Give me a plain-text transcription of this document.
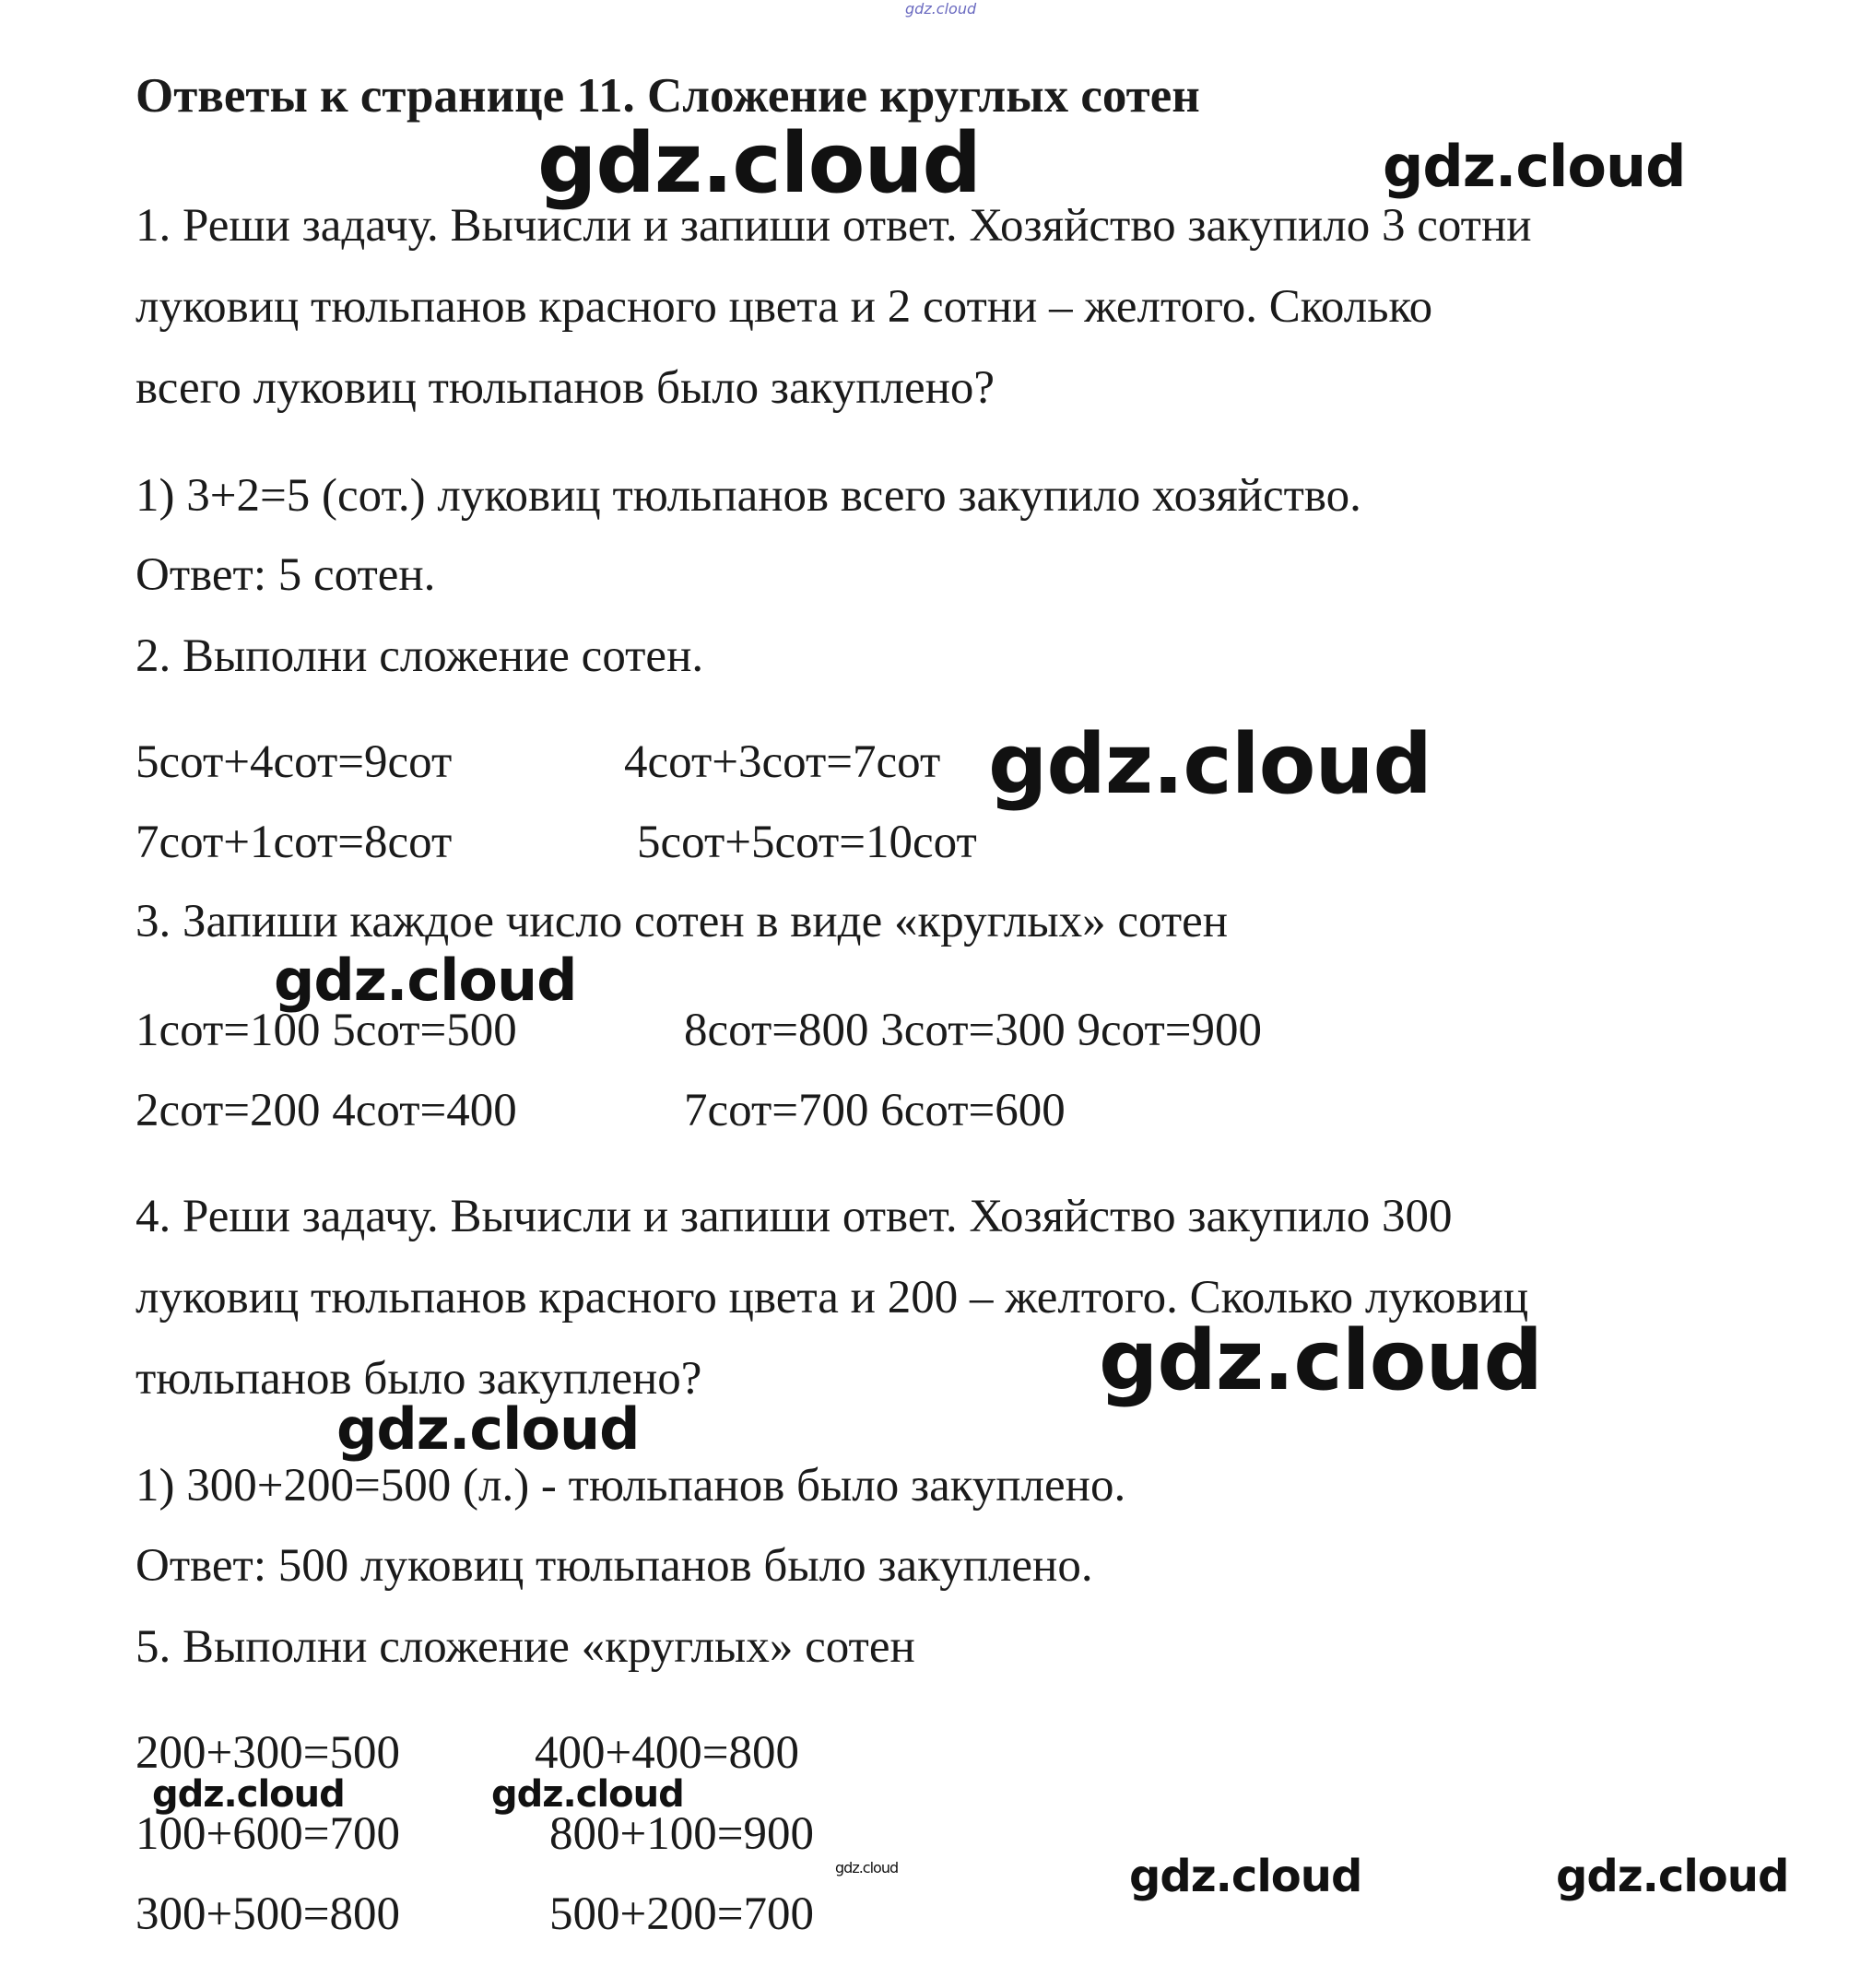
gdz.cloud
Ответы к странице 11. Сложение круглых сотен

1. Реши задачу. Вычисли и запиши ответ. Хозяйство закупило 3 сотни

луковиц тюльпанов красного цвета и 2 сотни – желтого. Сколько

всего луковиц тюльпанов было закуплено?

1) 3+2=5 (сот.) луковиц тюльпанов всего закупило хозяйство.

Ответ: 5 сотен.

2. Выполни сложение сотен.

5сот+4сот=9сот	4сот+3сот=7сот
7сот+1сот=8сот	5сот+5сот=10сот

3. Запиши каждое число сотен в виде «круглых» сотен

1сот=100 5сот=500	8сот=800 3сот=300 9сот=900
2сот=200 4сот=400	7сот=700 6сот=600

4. Реши задачу. Вычисли и запиши ответ. Хозяйство закупило 300

луковиц тюльпанов красного цвета и 200 – желтого. Сколько луковиц

тюльпанов было закуплено?

1) 300+200=500 (л.) - тюльпанов было закуплено.

Ответ: 500 луковиц тюльпанов было закуплено.

5. Выполни сложение «круглых» сотен

200+300=500	400+400=800
100+600=700	800+100=900
300+500=800	500+200=700
gdz.cloud	gdz.cloud
gdz.cloud
gdz.cloud
gdz.cloud
gdz.cloud
gdz.cloud	gdz.cloud
gdz.cloud	gdz.cloud	gdz.cloud
